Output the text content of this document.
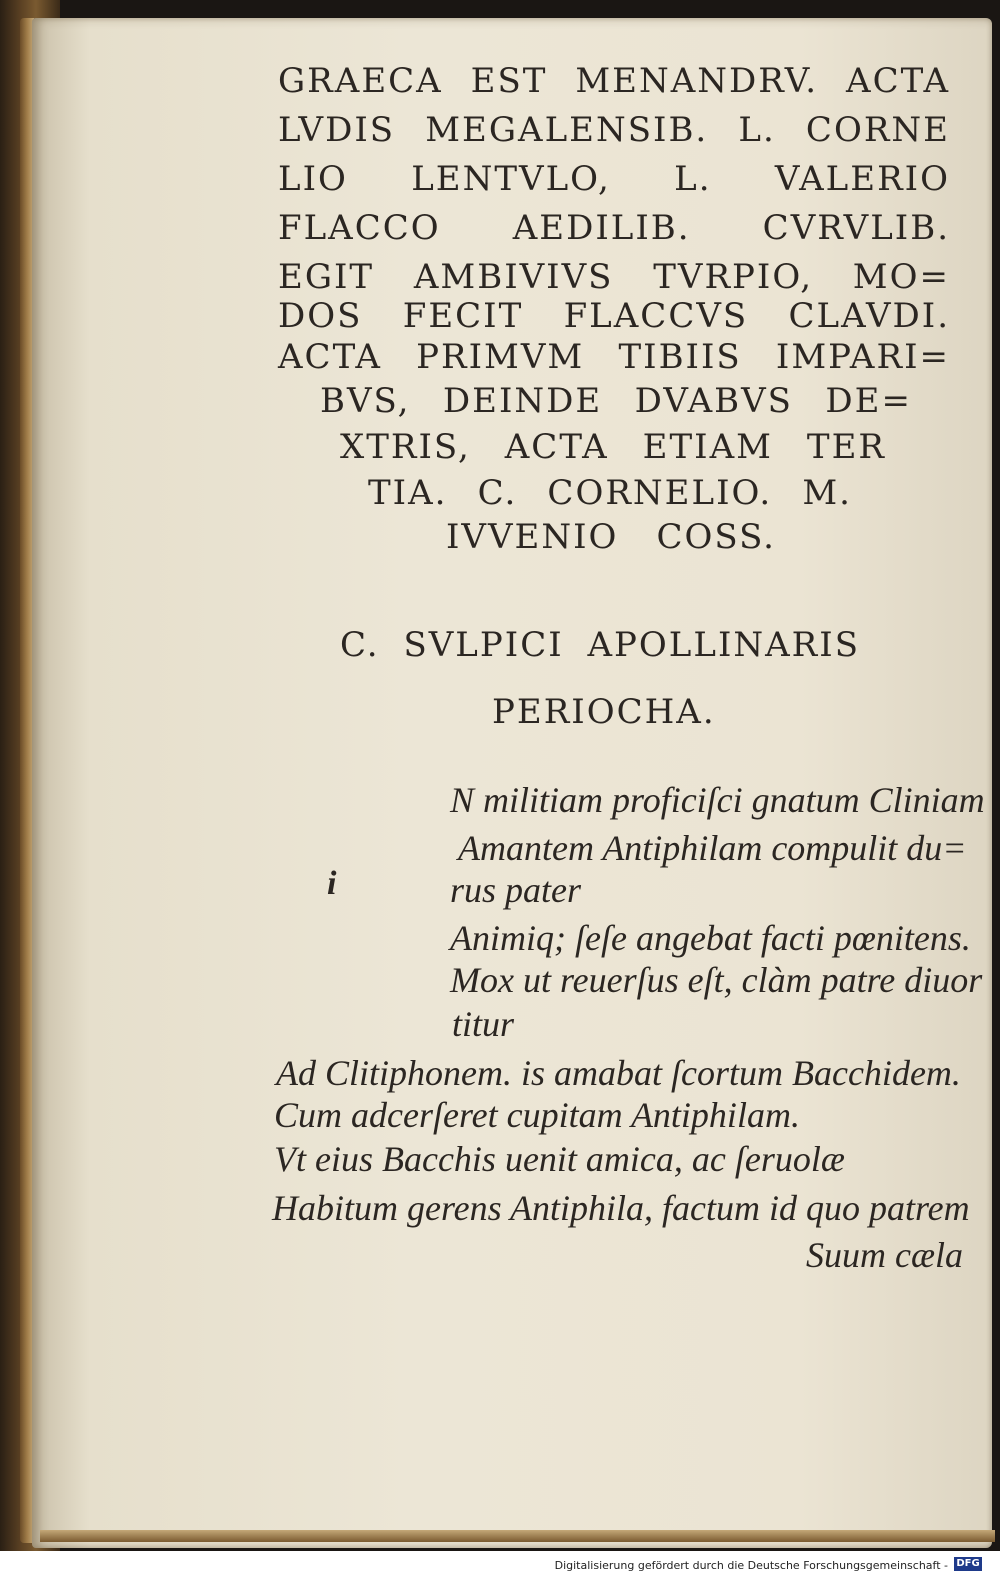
GRAECA EST MENANDRV. ACTA
LVDIS MEGALENSIB. L. CORNE
LIO LENTVLO, L. VALERIO
FLACCO AEDILIB. CVRVLIB.
EGIT AMBIVIVS TVRPIO, MO=
DOS FECIT FLACCVS CLAVDI.
ACTA PRIMVM TIBIIS IMPARI=
BVS, DEINDE DVABVS DE=
XTRIS, ACTA ETIAM TER
TIA. C. CORNELIO. M.
IVVENIO COSS.
C. SVLPICI APOLLINARIS
PERIOCHA.
i
N militiam proficiſci gnatum Cliniam
Amantem Antiphilam compulit du=
rus pater
Animiq; ſeſe angebat facti pœnitens.
Mox ut reuerſus eſt, clàm patre diuor
titur
Ad Clitiphonem. is amabat ſcortum Bacchidem.
Cum adcerſeret cupitam Antiphilam.
Vt eius Bacchis uenit amica, ac ſeruolæ
Habitum gerens Antiphila, factum id quo patrem
Suum cæla
Digitalisierung gefördert durch die Deutsche Forschungsgemeinschaft - DFG
